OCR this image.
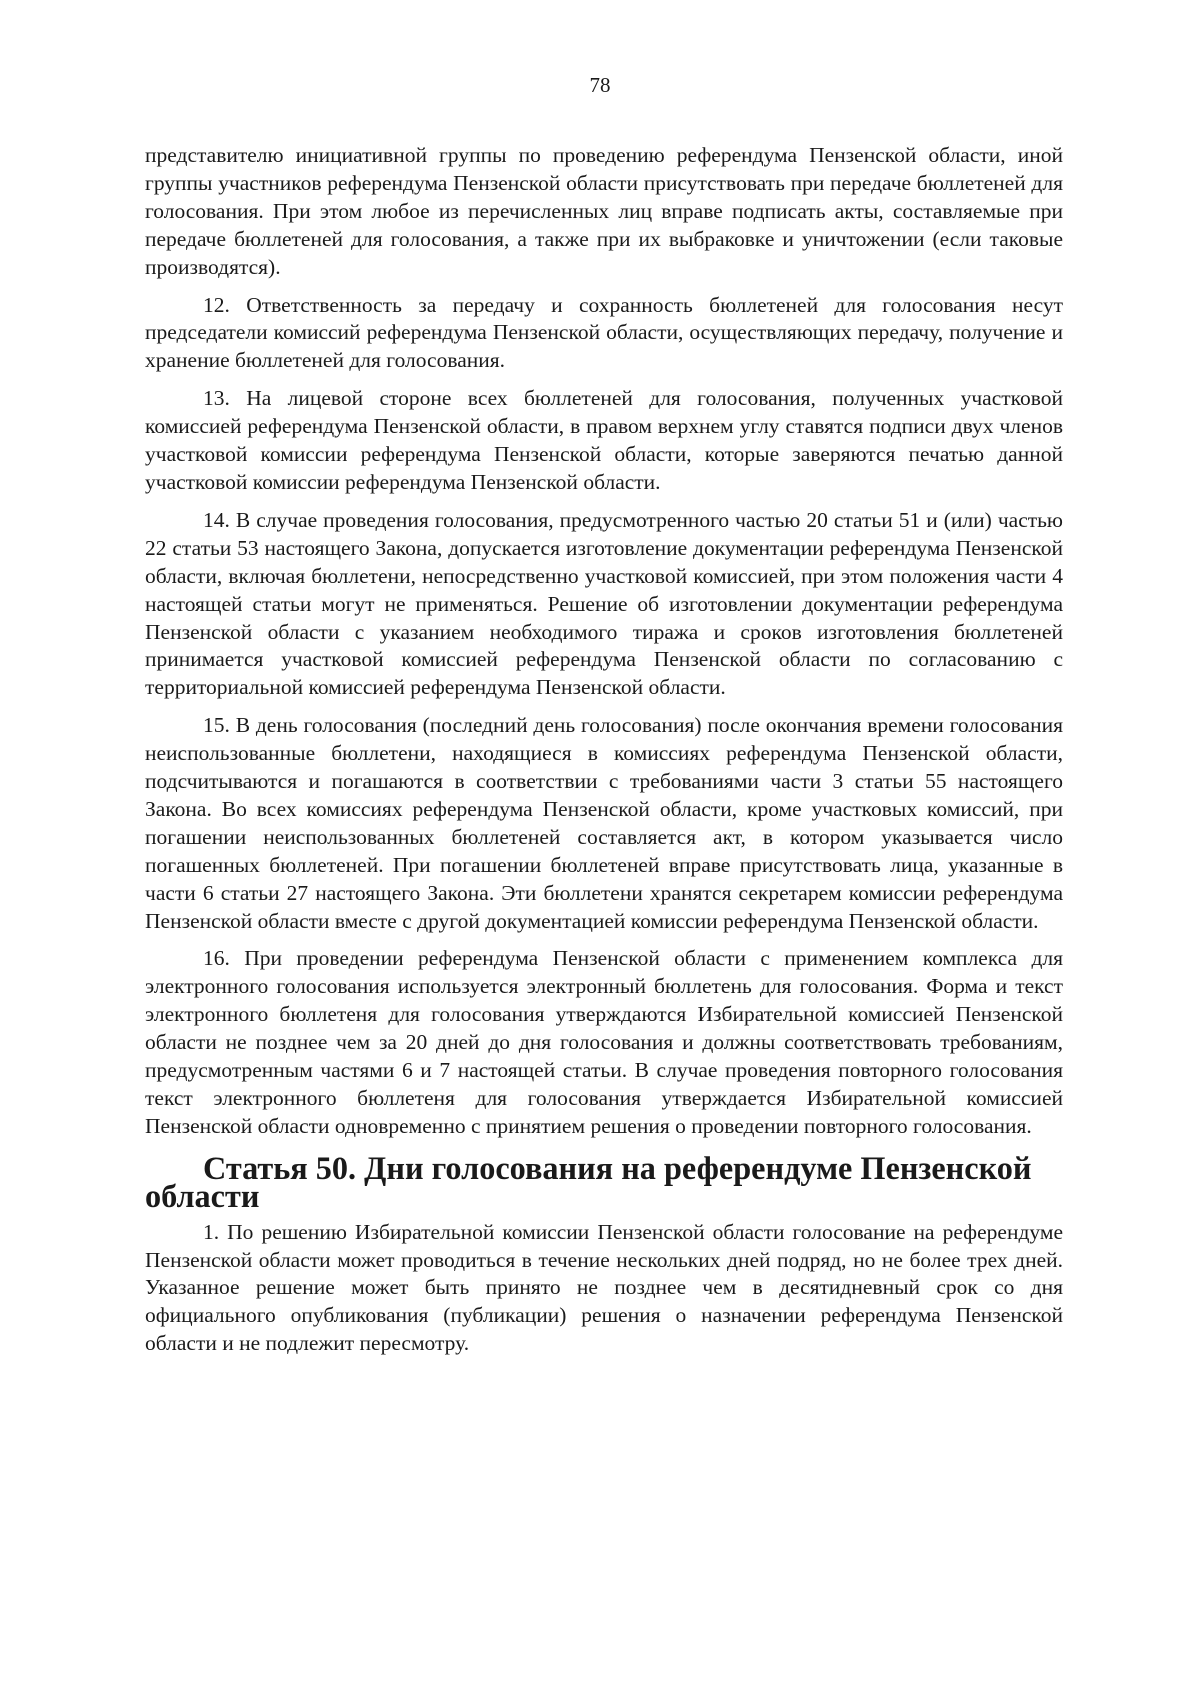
78

представителю инициативной группы по проведению референдума Пензенской области, иной группы участников референдума Пензенской области присутствовать при передаче бюллетеней для голосования. При этом любое из перечисленных лиц вправе подписать акты, составляемые при передаче бюллетеней для голосования, а также при их выбраковке и уничтожении (если таковые производятся).

12. Ответственность за передачу и сохранность бюллетеней для голосования несут председатели комиссий референдума Пензенской области, осуществляющих передачу, получение и хранение бюллетеней для голосования.

13. На лицевой стороне всех бюллетеней для голосования, полученных участковой комиссией референдума Пензенской области, в правом верхнем углу ставятся подписи двух членов участковой комиссии референдума Пензенской области, которые заверяются печатью данной участковой комиссии референдума Пензенской области.

14. В случае проведения голосования, предусмотренного частью 20 статьи 51 и (или) частью 22 статьи 53 настоящего Закона, допускается изготовление документации референдума Пензенской области, включая бюллетени, непосредственно участковой комиссией, при этом положения части 4 настоящей статьи могут не применяться. Решение об изготовлении документации референдума Пензенской области с указанием необходимого тиража и сроков изготовления бюллетеней принимается участковой комиссией референдума Пензенской области по согласованию с территориальной комиссией референдума Пензенской области.

15. В день голосования (последний день голосования) после окончания времени голосования неиспользованные бюллетени, находящиеся в комиссиях референдума Пензенской области, подсчитываются и погашаются в соответствии с требованиями части 3 статьи 55 настоящего Закона. Во всех комиссиях референдума Пензенской области, кроме участковых комиссий, при погашении неиспользованных бюллетеней составляется акт, в котором указывается число погашенных бюллетеней. При погашении бюллетеней вправе присутствовать лица, указанные в части 6 статьи 27 настоящего Закона. Эти бюллетени хранятся секретарем комиссии референдума Пензенской области вместе с другой документацией комиссии референдума Пензенской области.

16. При проведении референдума Пензенской области с применением комплекса для электронного голосования используется электронный бюллетень для голосования. Форма и текст электронного бюллетеня для голосования утверждаются Избирательной комиссией Пензенской области не позднее чем за 20 дней до дня голосования и должны соответствовать требованиям, предусмотренным частями 6 и 7 настоящей статьи. В случае проведения повторного голосования текст электронного бюллетеня для голосования утверждается Избирательной комиссией Пензенской области одновременно с принятием решения о проведении повторного голосования.

Статья 50. Дни голосования на референдуме Пензенской области

1. По решению Избирательной комиссии Пензенской области голосование на референдуме Пензенской области может проводиться в течение нескольких дней подряд, но не более трех дней. Указанное решение может быть принято не позднее чем в десятидневный срок со дня официального опубликования (публикации) решения о назначении референдума Пензенской области и не подлежит пересмотру.
